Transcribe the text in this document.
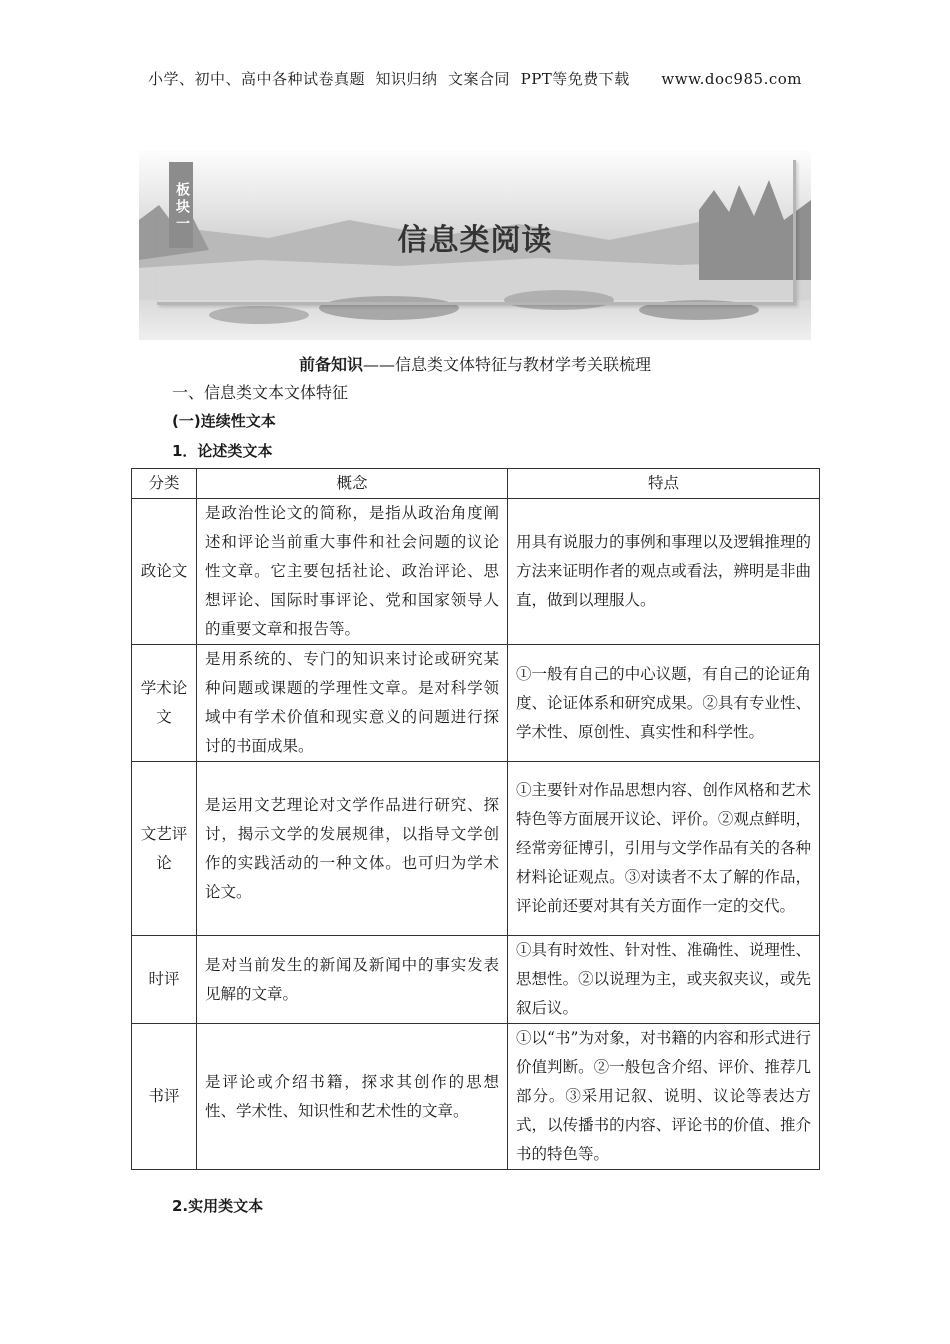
小学、初中、高中各种试卷真题  知识归纳  文案合同  PPT等免费下载      www.doc985.com
板块一
信息类阅读
前备知识——信息类文体特征与教材学考关联梳理
一、信息类文本文体特征
(一)连续性文本
1．论述类文本
分类	概念	特点
政论文	是政治性论文的简称，是指从政治角度阐述和评论当前重大事件和社会问题的议论性文章。它主要包括社论、政治评论、思想评论、国际时事评论、党和国家领导人的重要文章和报告等。	用具有说服力的事例和事理以及逻辑推理的方法来证明作者的观点或看法，辨明是非曲直，做到以理服人。
学术论文	是用系统的、专门的知识来讨论或研究某种问题或课题的学理性文章。是对科学领域中有学术价值和现实意义的问题进行探讨的书面成果。	①一般有自己的中心议题，有自己的论证角度、论证体系和研究成果。②具有专业性、学术性、原创性、真实性和科学性。
文艺评论	是运用文艺理论对文学作品进行研究、探讨，揭示文学的发展规律，以指导文学创作的实践活动的一种文体。也可归为学术论文。	①主要针对作品思想内容、创作风格和艺术特色等方面展开议论、评价。②观点鲜明，经常旁征博引，引用与文学作品有关的各种材料论证观点。③对读者不太了解的作品，评论前还要对其有关方面作一定的交代。
时评	是对当前发生的新闻及新闻中的事实发表见解的文章。	①具有时效性、针对性、准确性、说理性、思想性。②以说理为主，或夹叙夹议，或先叙后议。
书评	是评论或介绍书籍，探求其创作的思想性、学术性、知识性和艺术性的文章。	①以“书”为对象，对书籍的内容和形式进行价值判断。②一般包含介绍、评价、推荐几部分。③采用记叙、说明、议论等表达方式，以传播书的内容、评论书的价值、推介书的特色等。
2.实用类文本
